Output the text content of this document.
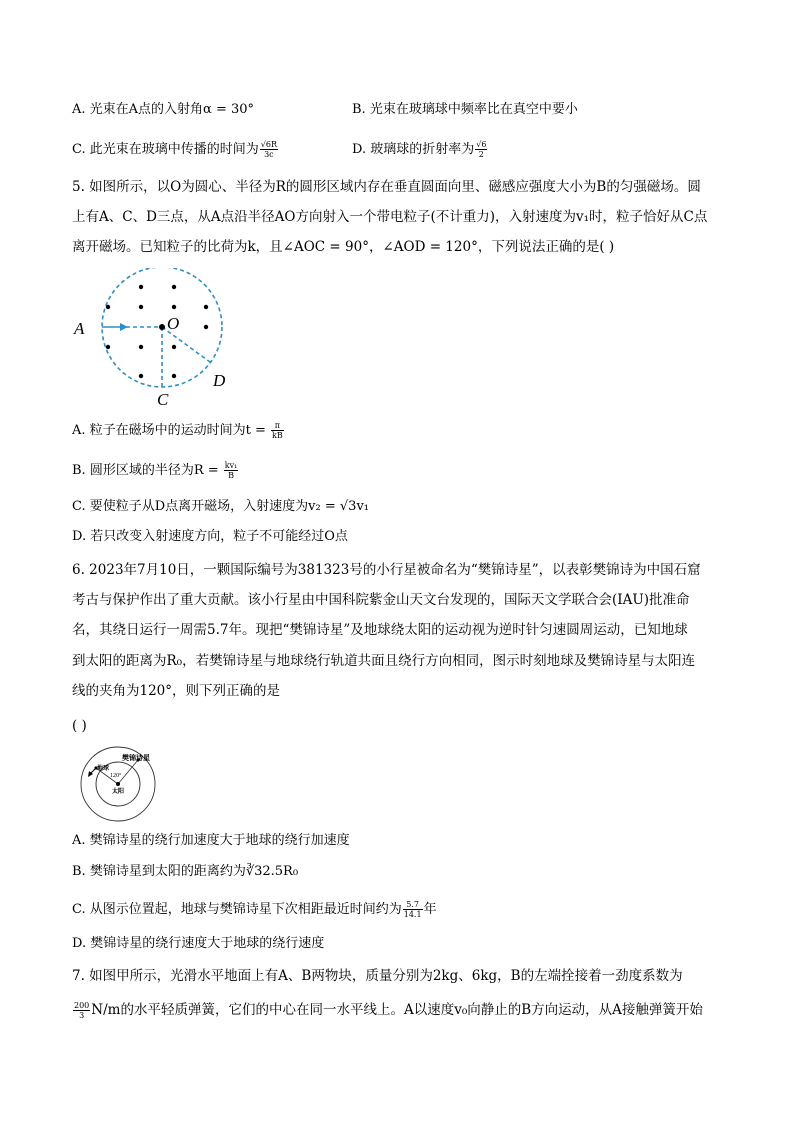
A. 光束在A点的入射角α = 30°	B. 光束在玻璃球中频率比在真空中要小
C. 此光束在玻璃中传播的时间为 $\frac{√6R}{3c}$	D. 玻璃球的折射率为 $\frac{√6}{2}$
5. 如图所示，以O为圆心、半径为R的圆形区域内存在垂直圆面向里、磁感应强度大小为B的匀强磁场。圆
上有A、C、D三点，从A点沿半径AO方向射入一个带电粒子(不计重力)，入射速度为v₁时，粒子恰好从C点
离开磁场。已知粒子的比荷为k，且∠AOC = 90°，∠AOD = 120°，下列说法正确的是( )
A	O
C
D
A. 粒子在磁场中的运动时间为$t = \frac{\pi}{kB}$
B. 圆形区域的半径为$R = \frac{\text{kv₁}}{B}$
C. 要使粒子从D点离开磁场，入射速度为v₂ = √3v₁
D. 若只改变入射速度方向，粒子不可能经过O点
6. 2023年7月10日，一颗国际编号为381323号的小行星被命名为“樊锦诗星”，以表彰樊锦诗为中国石窟
考古与保护作出了重大贡献。该小行星由中国科院紫金山天文台发现的，国际天文学联合会(IAU)批准命
名，其绕日运行一周需5.7年。现把“樊锦诗星”及地球绕太阳的运动视为逆时针匀速圆周运动，已知地球
到太阳的距离为R₀，若樊锦诗星与地球绕行轨道共面且绕行方向相同，图示时刻地球及樊锦诗星与太阳连
线的夹角为120°，则下列正确的是
( )
樊锦诗星
地球
120°
太阳
A. 樊锦诗星的绕行加速度大于地球的绕行加速度
B. 樊锦诗星到太阳的距离约为∛32.5R₀
C. 从图示位置起，地球与樊锦诗星下次相距最近时间约为 $\frac{5.7}{14.1}$ 年
D. 樊锦诗星的绕行速度大于地球的绕行速度
7. 如图甲所示，光滑水平地面上有A、B两物块，质量分别为2kg、6kg，B的左端拴接着一劲度系数为
$\frac{200}{3} N/m$的水平轻质弹簧，它们的中心在同一水平线上。A以速度v₀向静止的B方向运动，从A接触弹簧开始
